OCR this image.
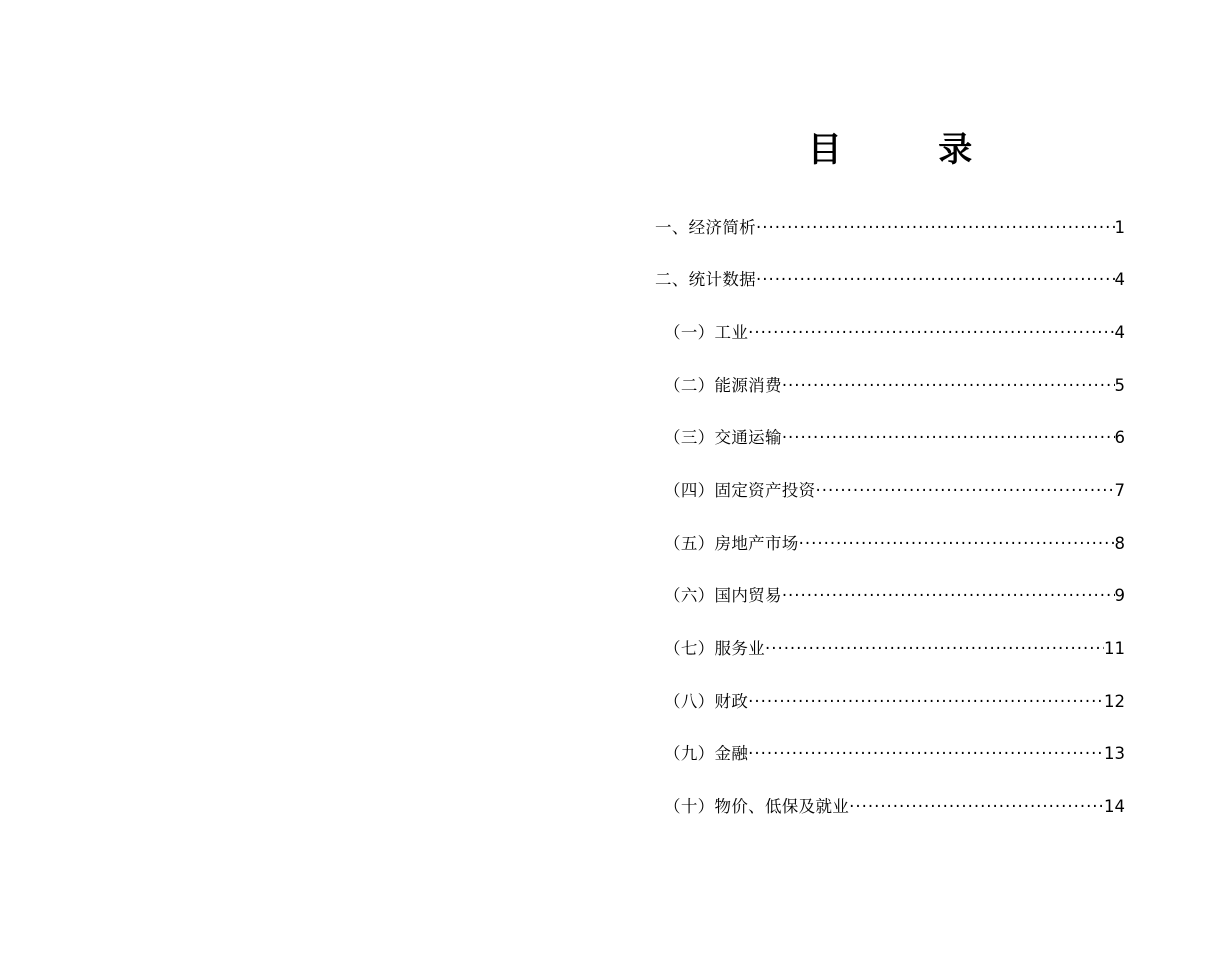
目　　录
一、经济简析 ·····	1
二、统计数据 ·····	4
（一）工业 ·····	4
（二）能源消费 ·····	5
（三）交通运输 ·····	6
（四）固定资产投资 ·····	7
（五）房地产市场 ·····	8
（六）国内贸易 ·····	9
（七）服务业 ·····	11
（八）财政 ·····	12
（九）金融 ·····	13
（十）物价、低保及就业 ·····	14
